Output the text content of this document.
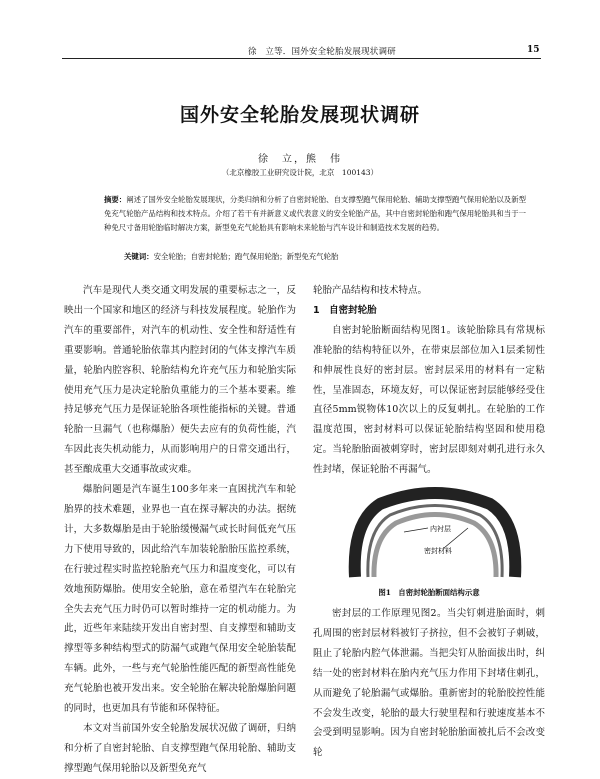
徐　立等．国外安全轮胎发展现状调研	15
国外安全轮胎发展现状调研
徐　立，熊　伟
（北京橡胶工业研究设计院，北京　100143）
摘要：阐述了国外安全轮胎发展现状，分类归纳和分析了自密封轮胎、自支撑型跑气保用轮胎、辅助支撑型跑气保用轮胎以及新型免充气轮胎产品结构和技术特点。介绍了若干有并新意义或代表意义的安全轮胎产品，其中自密封轮胎和跑气保用轮胎具和当于一种免尺寸备用轮胎临时解决方案，新型免充气轮胎具有影响未来轮胎与汽车设计和制造技术发展的趋势。
关键词：安全轮胎；自密封轮胎；跑气保用轮胎；新型免充气轮胎

汽车是现代人类交通文明发展的重要标志之一，反映出一个国家和地区的经济与科技发展程度。轮胎作为汽车的重要部件，对汽车的机动性、安全性和舒适性有重要影响。普通轮胎依靠其内腔封闭的气体支撑汽车质量，轮胎内腔容积、轮胎结构允许充气压力和轮胎实际使用充气压力是决定轮胎负重能力的三个基本要素。维持足够充气压力是保证轮胎各项性能指标的关键。普通轮胎一旦漏气（也称爆胎）便失去应有的负荷性能，汽车因此丧失机动能力，从而影响用户的日常交通出行，甚至酿成重大交通事故或灾难。

爆胎问题是汽车诞生100多年来一直困扰汽车和轮胎界的技术难题，业界也一直在探寻解决的办法。据统计，大多数爆胎是由于轮胎缓慢漏气或长时间低充气压力下使用导致的，因此给汽车加装轮胎胎压监控系统，在行驶过程实时监控轮胎充气压力和温度变化，可以有效地预防爆胎。使用安全轮胎，意在希望汽车在轮胎完全失去充气压力时仍可以暂时维持一定的机动能力。为此，近些年来陆续开发出自密封型、自支撑型和辅助支撑型等多种结构型式的防漏气或跑气保用安全轮胎装配车辆。此外，一些与充气轮胎性能匹配的新型高性能免充气轮胎也被开发出来。安全轮胎在解决轮胎爆胎问题的同时，也更加具有节能和环保特征。

本文对当前国外安全轮胎发展状况做了调研，归纳和分析了自密封轮胎、自支撑型跑气保用轮胎、辅助支撑型跑气保用轮胎以及新型免充气

轮胎产品结构和技术特点。

1　自密封轮胎

自密封轮胎断面结构见图1。该轮胎除具有常规标准轮胎的结构特征以外，在带束层部位加入1层柔韧性和伸展性良好的密封层。密封层采用的材料有一定粘性，呈准固态，环境友好，可以保证密封层能够经受住直径5mm锐物体10次以上的反复刺扎。在轮胎的工作温度范围，密封材料可以保证轮胎结构坚固和使用稳定。当轮胎胎面被刺穿时，密封层即刻对刺孔进行永久性封堵，保证轮胎不再漏气。

内衬层
密封材料
图1　自密封轮胎断面结构示意

密封层的工作原理见图2。当尖钉刺进胎面时，刺孔周围的密封层材料被钉子挤拉，但不会被钉子刺破，阻止了轮胎内腔气体泄漏。当把尖钉从胎面拔出时，纠结一处的密封材料在胎内充气压力作用下封堵住刺孔，从而避免了轮胎漏气或爆胎。重新密封的轮胎胶控性能不会发生改变，轮胎的最大行驶里程和行驶速度基本不会受到明显影响。因为自密封轮胎胎面被扎后不会改变轮
